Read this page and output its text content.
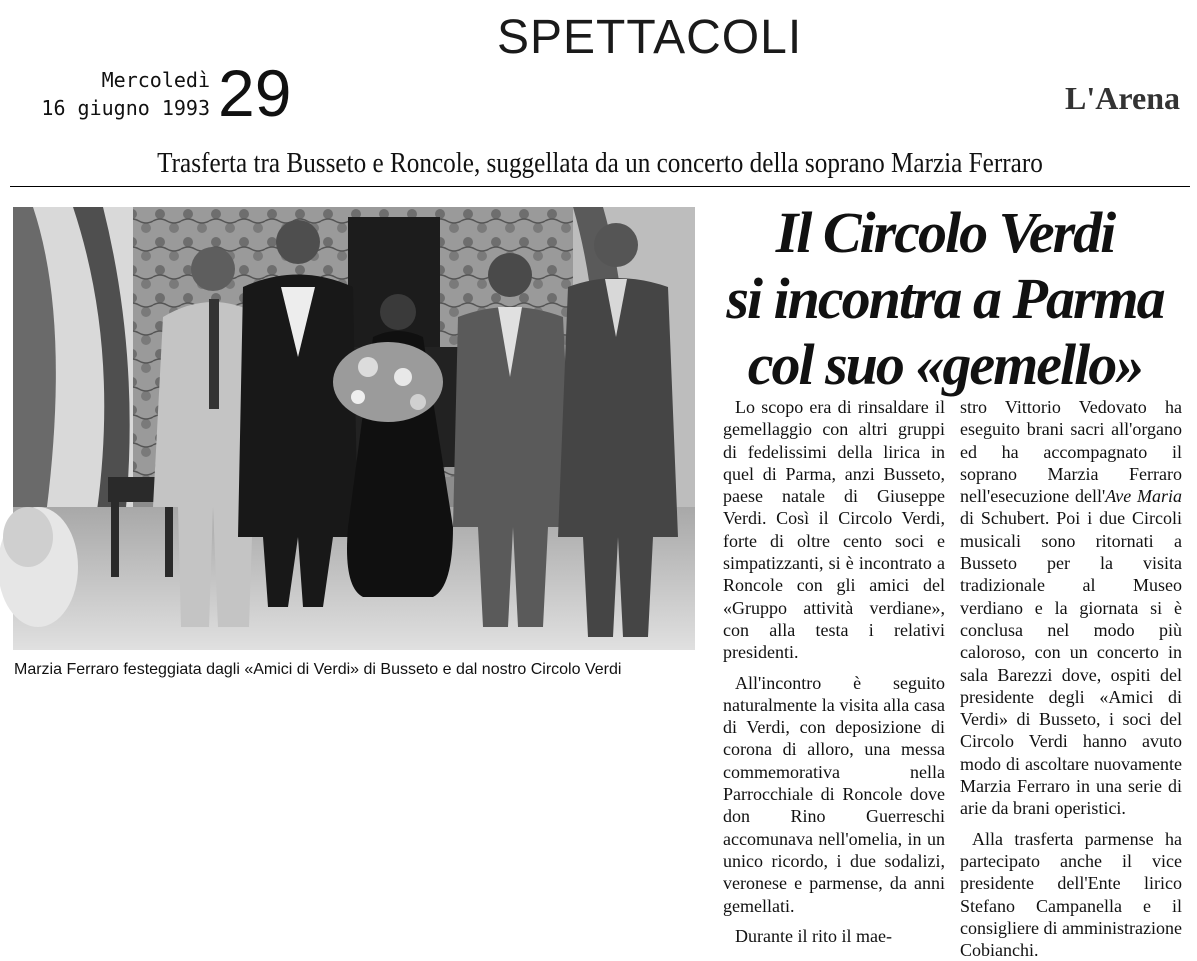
SPETTACOLI
Mercoledì
16 giugno 1993 29	L'Arena
Trasferta tra Busseto e Roncole, suggellata da un concerto della soprano Marzia Ferraro
Marzia Ferraro festeggiata dagli «Amici di Verdi» di Busseto e dal nostro Circolo Verdi
Il Circolo Verdi
si incontra a Parma
col suo «gemello»

Lo scopo era di rinsaldare il gemellaggio con altri gruppi di fedelissimi della lirica in quel di Parma, anzi Busseto, paese natale di Giuseppe Verdi. Così il Circolo Verdi, forte di oltre cento soci e simpatizzanti, si è incontrato a Roncole con gli amici del «Gruppo attività verdiane», con alla testa i relativi presidenti.

All'incontro è seguito naturalmente la visita alla casa di Verdi, con deposizione di corona di alloro, una messa commemorativa nella Parrocchiale di Roncole dove don Rino Guerreschi accomunava nell'omelia, in un unico ricordo, i due sodalizi, veronese e parmense, da anni gemellati.

Durante il rito il mae-

stro Vittorio Vedovato ha eseguito brani sacri all'organo ed ha accompagnato il soprano Marzia Ferraro nell'esecuzione dell'Ave Maria di Schubert. Poi i due Circoli musicali sono ritornati a Busseto per la visita tradizionale al Museo verdiano e la giornata si è conclusa nel modo più caloroso, con un concerto in sala Barezzi dove, ospiti del presidente degli «Amici di Verdi» di Busseto, i soci del Circolo Verdi hanno avuto modo di ascoltare nuovamente Marzia Ferraro in una serie di arie da brani operistici.

Alla trasferta parmense ha partecipato anche il vice presidente dell'Ente lirico Stefano Campanella e il consigliere di amministrazione Cobianchi.
